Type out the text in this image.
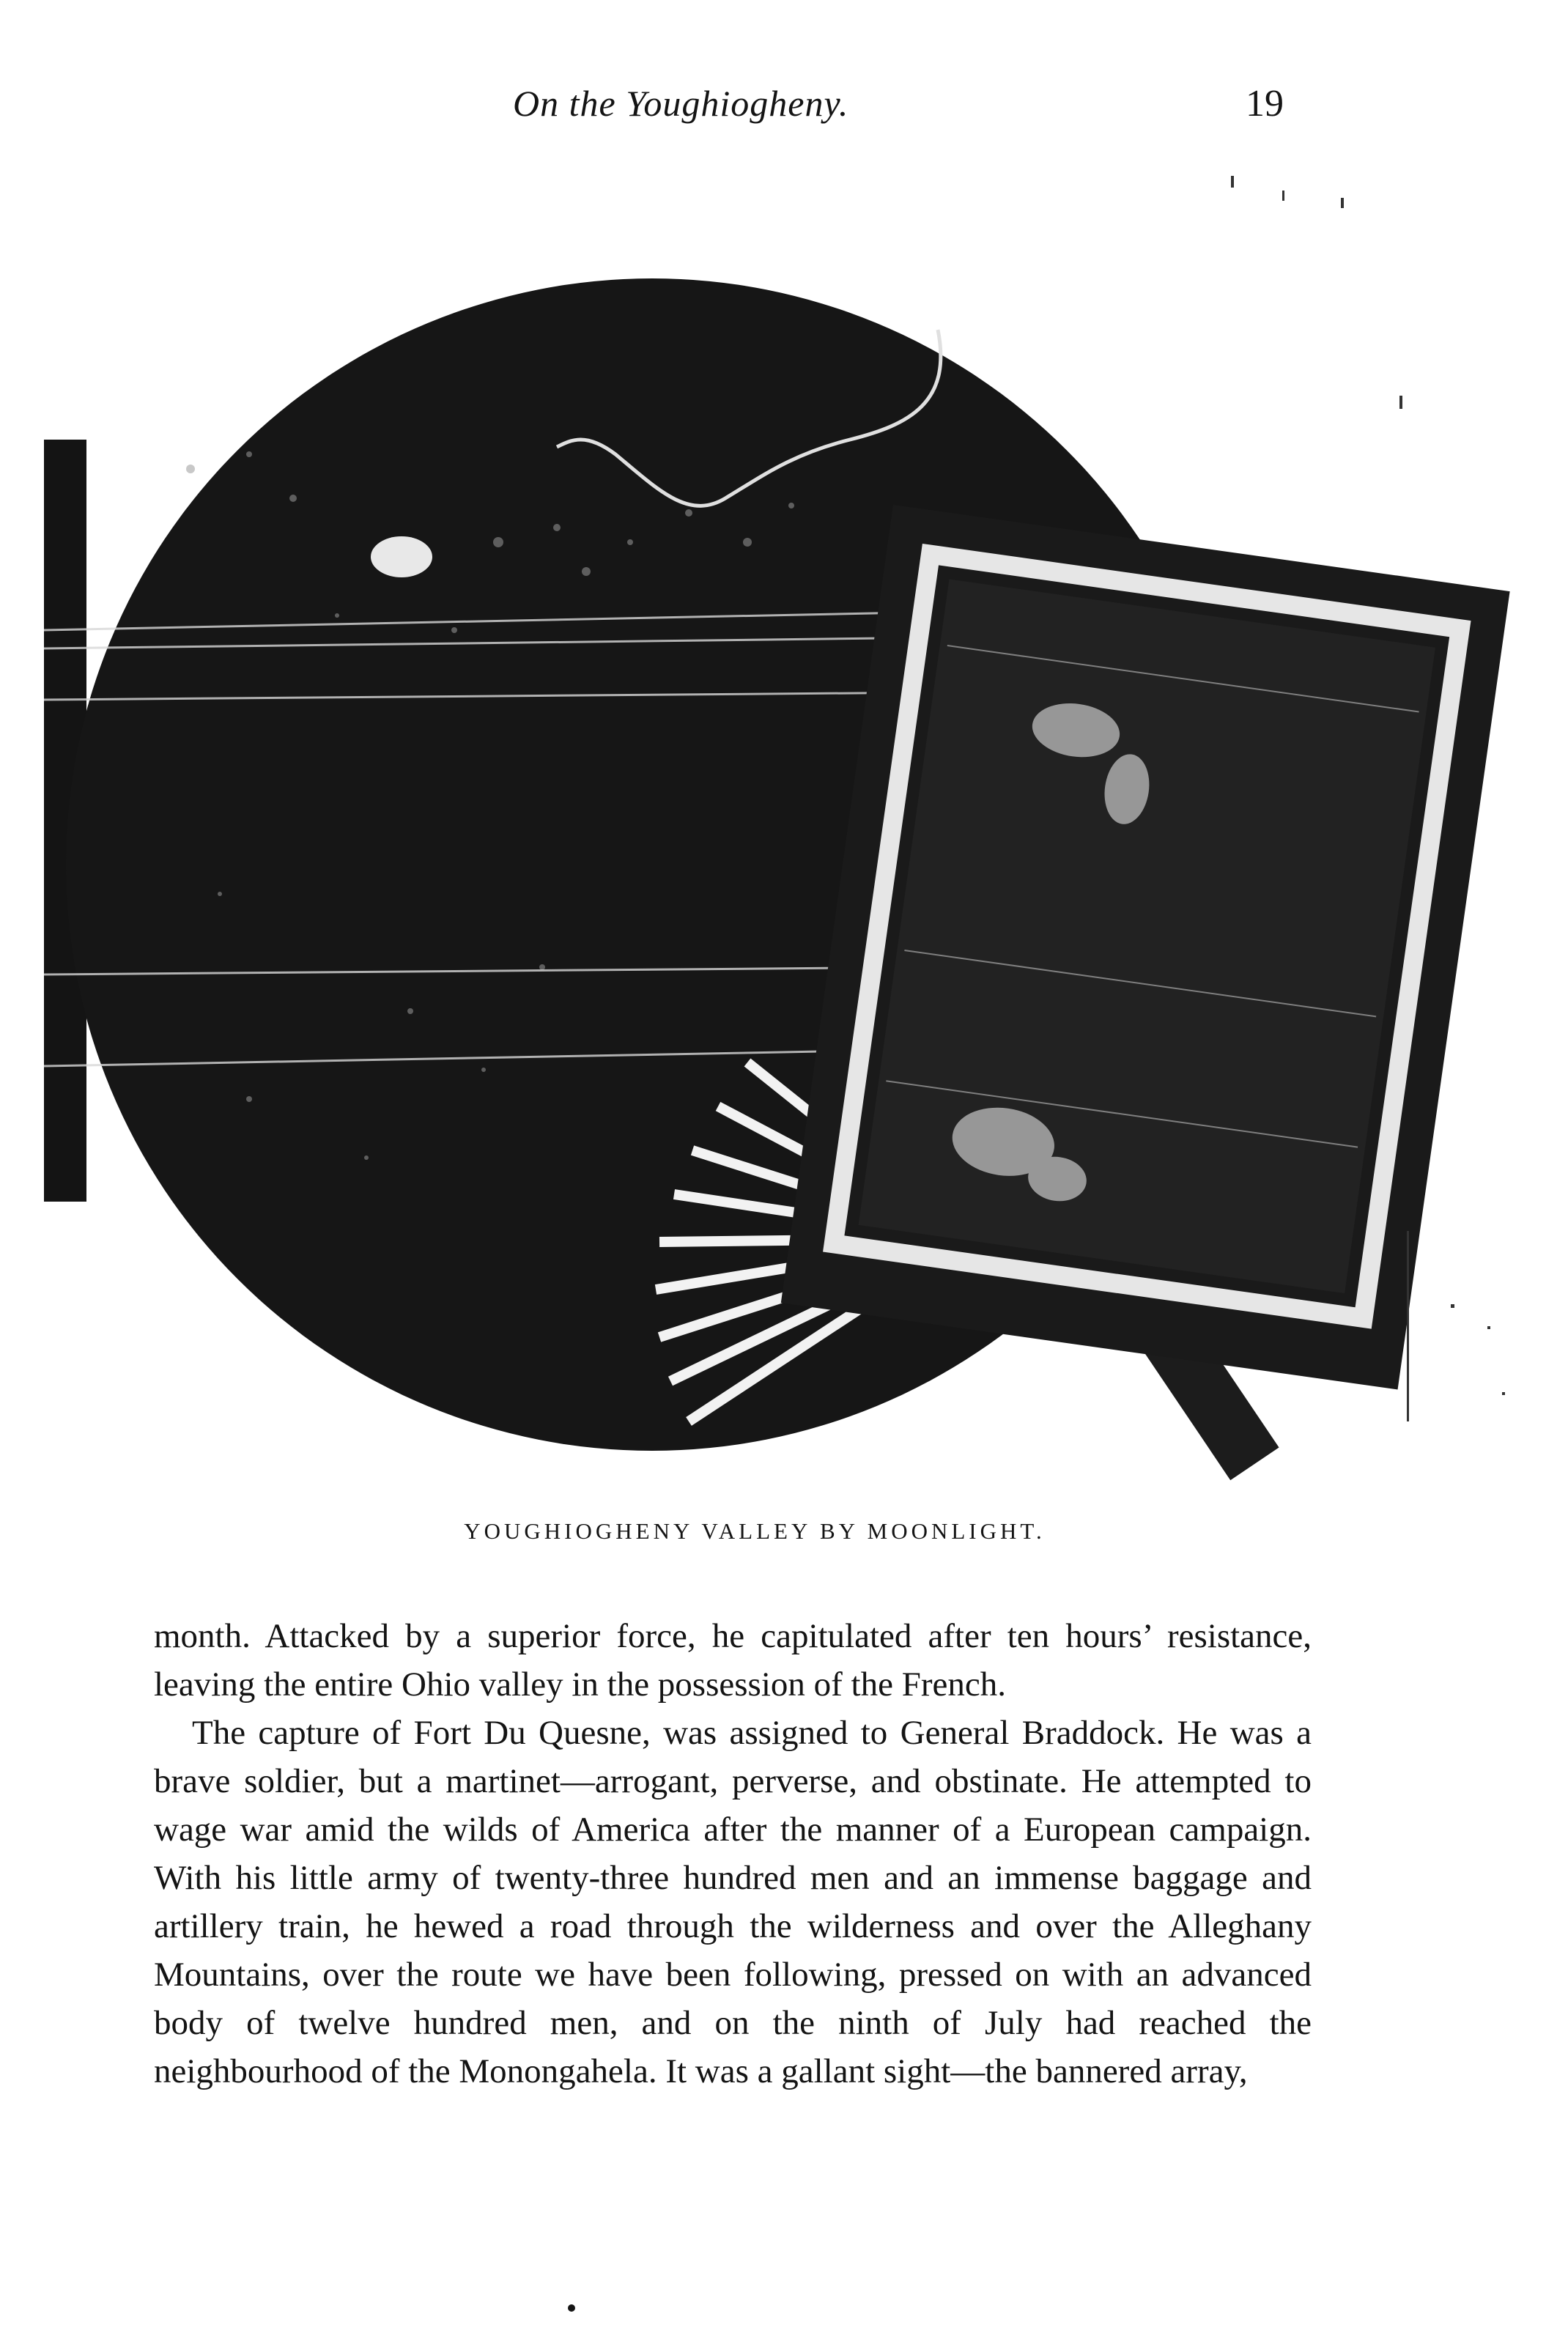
On the Youghiogheny.	19
YOUGHIOGHENY VALLEY BY MOONLIGHT.

month. Attacked by a superior force, he capitulated after ten hours’ resistance, leaving the entire Ohio valley in the possession of the French.

The capture of Fort Du Quesne, was assigned to General Braddock. He was a brave soldier, but a martinet—arrogant, perverse, and obstinate. He attempted to wage war amid the wilds of America after the manner of a European campaign. With his little army of twenty-three hundred men and an immense baggage and artillery train, he hewed a road through the wilderness and over the Alleghany Mountains, over the route we have been following, pressed on with an advanced body of twelve hundred men, and on the ninth of July had reached the neighbourhood of the Monongahela. It was a gallant sight—the bannered array,
